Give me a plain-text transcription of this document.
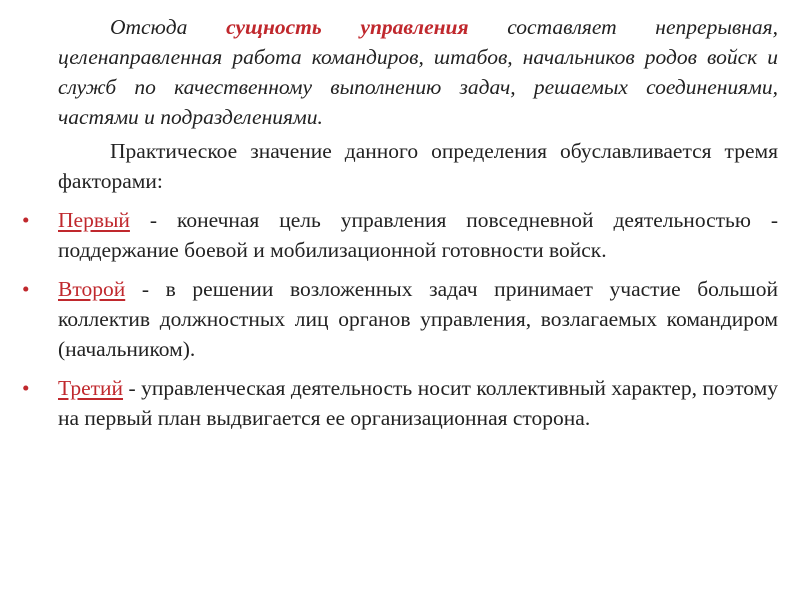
Отсюда сущность управления составляет непрерывная, целенаправленная работа командиров, штабов, начальников родов войск и служб по качественному выполнению задач, решаемых соединениями, частями и подразделениями.

Практическое значение данного определения обуславливается тремя факторами:

• Первый - конечная цель управления повседневной деятельностью - поддержание боевой и мобилизационной готовности войск.
• Второй - в решении возложенных задач принимает участие большой коллектив должностных лиц органов управления, возлагаемых командиром (начальником).
• Третий - управленческая деятельность носит коллективный характер, поэтому на первый план выдвигается ее организационная сторона.
